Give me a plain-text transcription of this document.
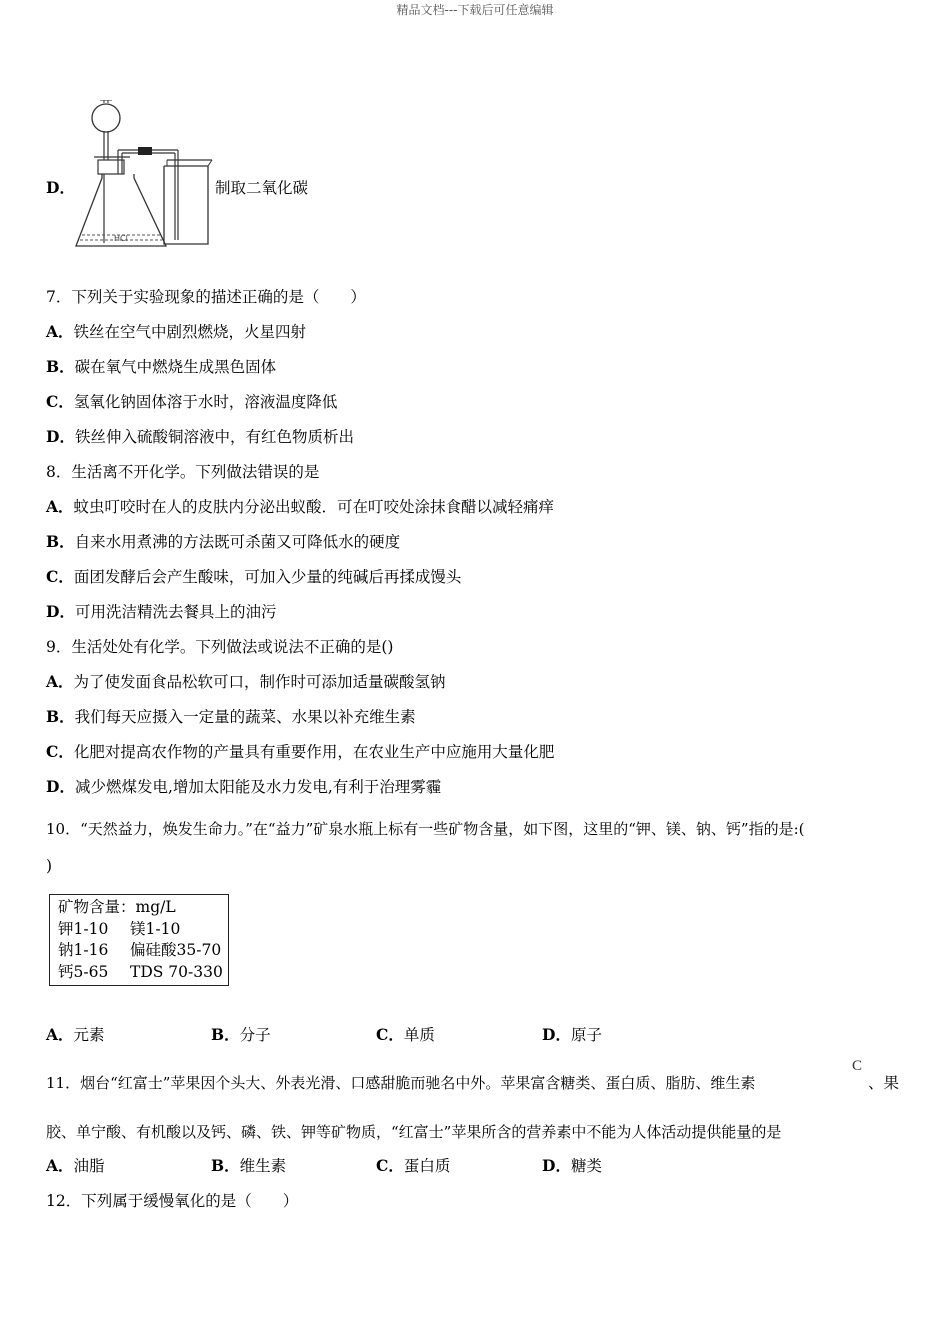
精品文档---下载后可任意编辑
D．
HCl
制取二氧化碳
7．下列关于实验现象的描述正确的是（　　）
A．铁丝在空气中剧烈燃烧，火星四射
B．碳在氧气中燃烧生成黑色固体
C．氢氧化钠固体溶于水时，溶液温度降低
D．铁丝伸入硫酸铜溶液中，有红色物质析出
8．生活离不开化学。下列做法错误的是
A．蚊虫叮咬时在人的皮肤内分泌出蚁酸．可在叮咬处涂抹食醋以减轻痛痒
B．自来水用煮沸的方法既可杀菌又可降低水的硬度
C．面团发酵后会产生酸味，可加入少量的纯碱后再揉成馒头
D．可用洗洁精洗去餐具上的油污
9．生活处处有化学。下列做法或说法不正确的是()
A．为了使发面食品松软可口，制作时可添加适量碳酸氢钠
B．我们每天应摄入一定量的蔬菜、水果以补充维生素
C．化肥对提高农作物的产量具有重要作用，在农业生产中应施用大量化肥
D．减少燃煤发电,增加太阳能及水力发电,有利于治理雾霾
10．“天然益力，焕发生命力。”在“益力”矿泉水瓶上标有一些矿物含量，如下图，这里的“钾、镁、钠、钙”指的是:(
)
矿物含量：mg/L
钾1-10 镁1-10
钠1-16 偏硅酸35-70
钙5-65 TDS 70-330
A．元素	B．分子	C．单质	D．原子
11．烟台“红富士”苹果因个头大、外表光滑、口感甜脆而驰名中外。苹果富含糖类、蛋白质、脂肪、维生素
C
、果
胶、单宁酸、有机酸以及钙、磷、铁、钾等矿物质，“红富士”苹果所含的营养素中不能为人体活动提供能量的是
A．油脂	B．维生素	C．蛋白质	D．糖类
12．下列属于缓慢氧化的是（　　）
